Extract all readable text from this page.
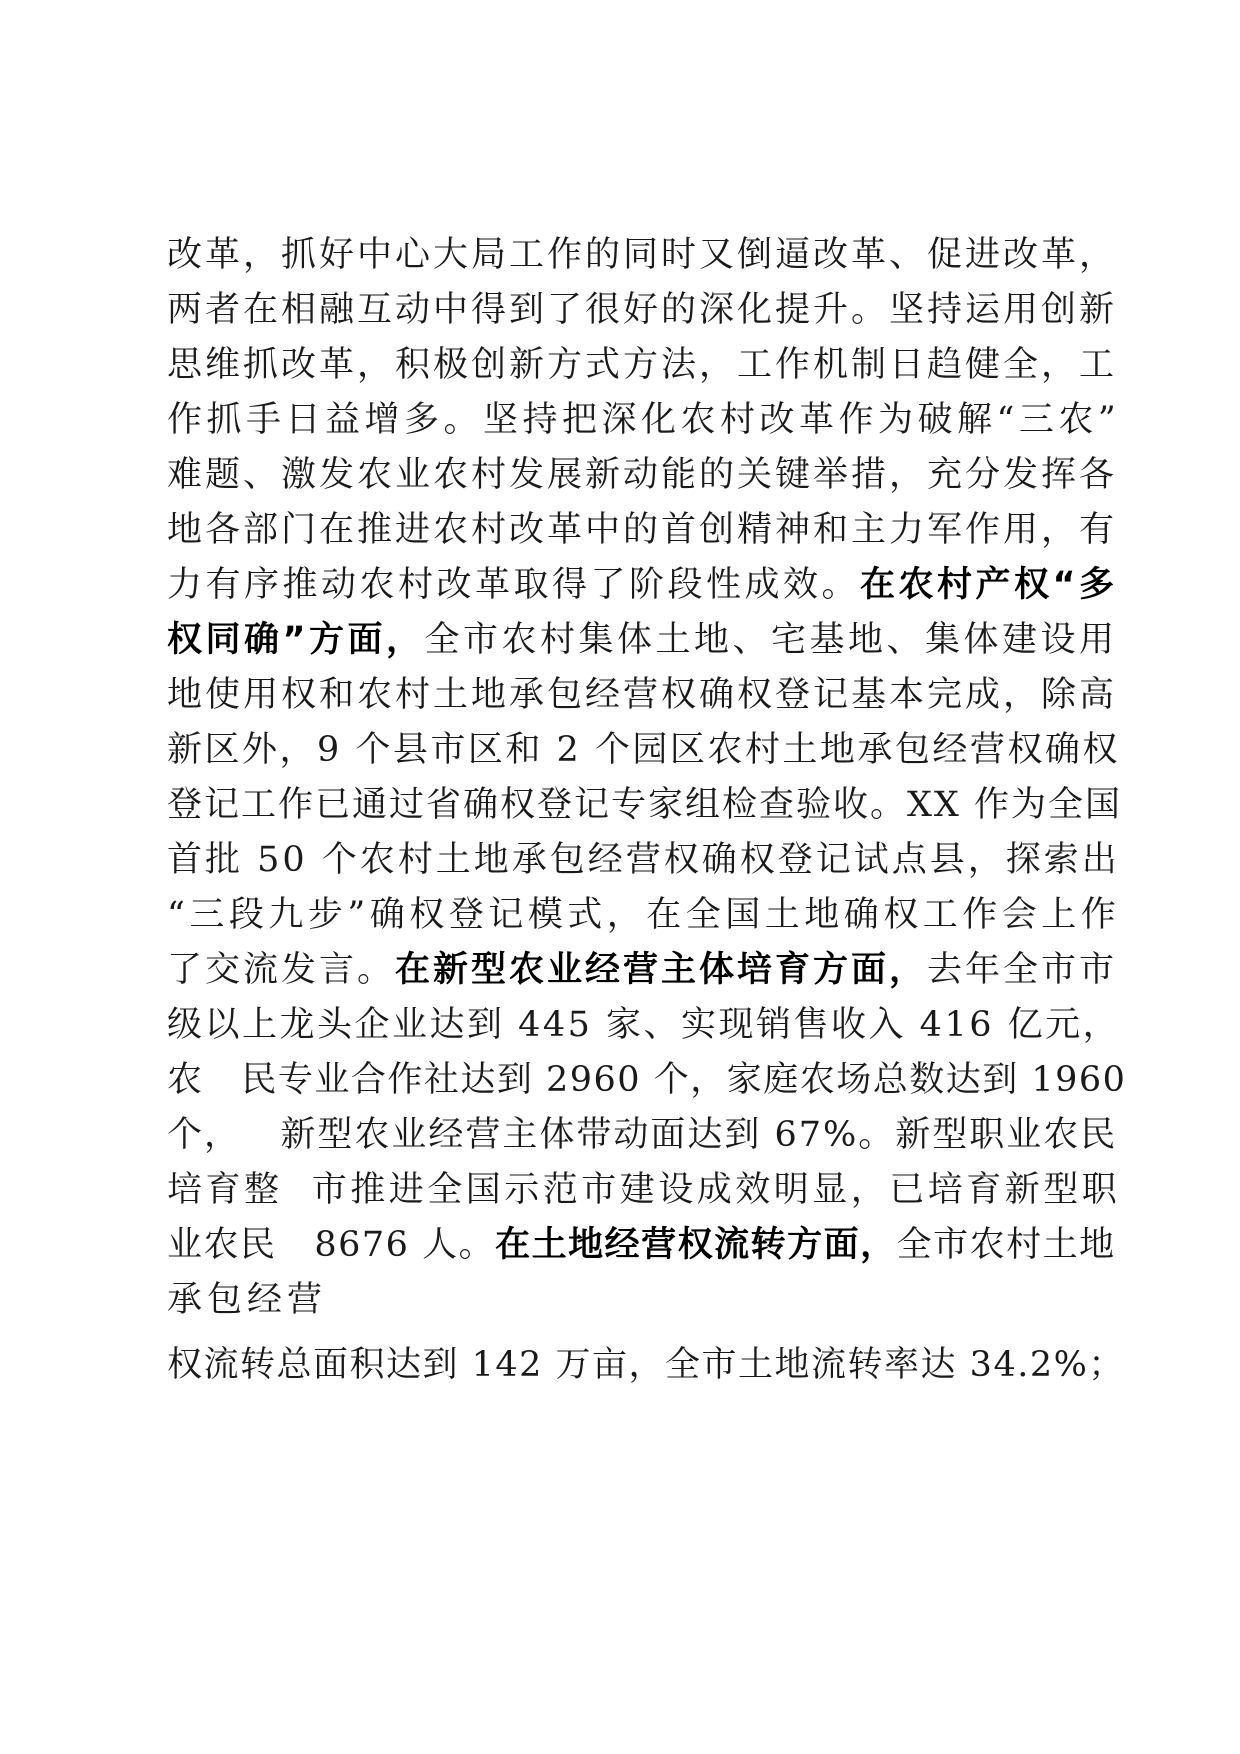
改革，抓好中心大局工作的同时又倒逼改革、促进改革，
两者在相融互动中得到了很好的深化提升。坚持运用创新
思维抓改革，积极创新方式方法，工作机制日趋健全，工
作抓手日益增多。坚持把深化农村改革作为破解“三农”
难题、激发农业农村发展新动能的关键举措，充分发挥各
地各部门在推进农村改革中的首创精神和主力军作用，有
力有序推动农村改革取得了阶段性成效。在农村产权“多
权同确”方面，全市农村集体土地、宅基地、集体建设用
地使用权和农村土地承包经营权确权登记基本完成，除高
新区外，9 个县市区和 2 个园区农村土地承包经营权确权
登记工作已通过省确权登记专家组检查验收。XX 作为全国
首批 50 个农村土地承包经营权确权登记试点县，探索出
“三段九步”确权登记模式，在全国土地确权工作会上作
了交流发言。在新型农业经营主体培育方面，去年全市市
级以上龙头企业达到 445 家、实现销售收入 416 亿元，
农   民专业合作社达到 2960 个，家庭农场总数达到 1960
个，   新型农业经营主体带动面达到 67%。新型职业农民
培育整  市推进全国示范市建设成效明显，已培育新型职
业农民   8676 人。在土地经营权流转方面，全市农村土地
承包经营
权流转总面积达到 142 万亩，全市土地流转率达 34.2%；
